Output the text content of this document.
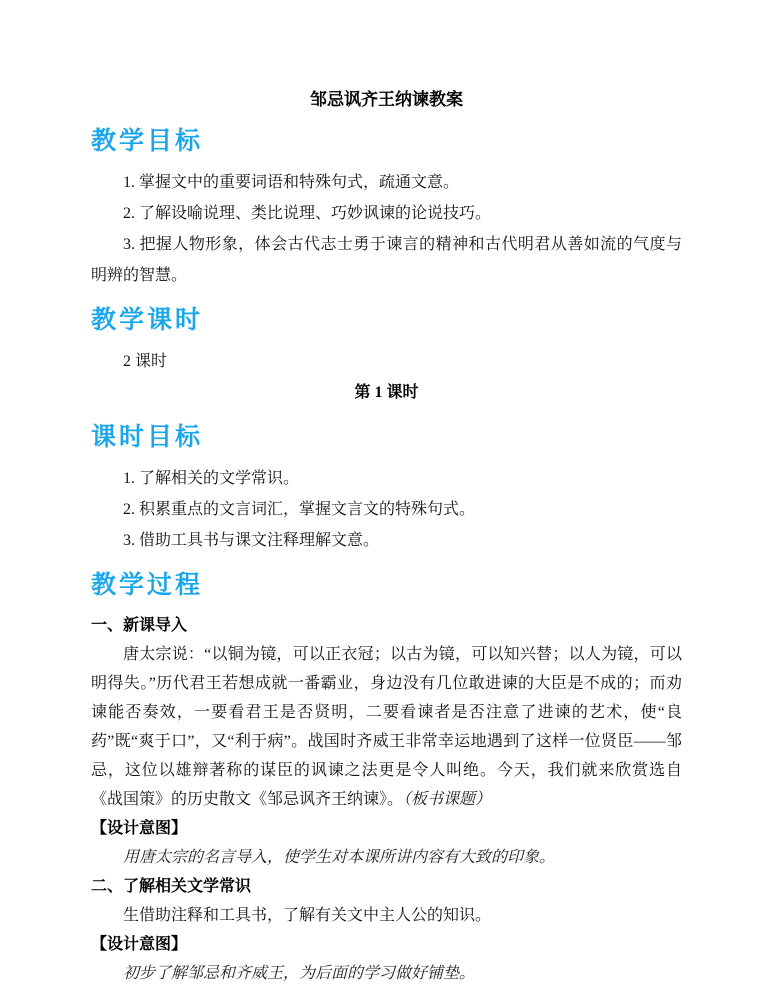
邹忌讽齐王纳谏教案
教学目标

1. 掌握文中的重要词语和特殊句式，疏通文意。

2. 了解设喻说理、类比说理、巧妙讽谏的论说技巧。

3. 把握人物形象，体会古代志士勇于谏言的精神和古代明君从善如流的气度与明辨的智慧。

教学课时

2 课时

第 1 课时
课时目标

1. 了解相关的文学常识。

2. 积累重点的文言词汇，掌握文言文的特殊句式。

3. 借助工具书与课文注释理解文意。

教学过程

一、新课导入

唐太宗说：“以铜为镜，可以正衣冠；以古为镜，可以知兴替；以人为镜，可以明得失。”历代君王若想成就一番霸业，身边没有几位敢进谏的大臣是不成的；而劝谏能否奏效，一要看君王是否贤明，二要看谏者是否注意了进谏的艺术，使“良药”既“爽于口”，又“利于病”。战国时齐威王非常幸运地遇到了这样一位贤臣——邹忌，这位以雄辩著称的谋臣的讽谏之法更是令人叫绝。今天，我们就来欣赏选自《战国策》的历史散文《邹忌讽齐王纳谏》。（板书课题）

【设计意图】

用唐太宗的名言导入，使学生对本课所讲内容有大致的印象。

二、了解相关文学常识

生借助注释和工具书，了解有关文中主人公的知识。

【设计意图】

初步了解邹忌和齐威王，为后面的学习做好铺垫。
